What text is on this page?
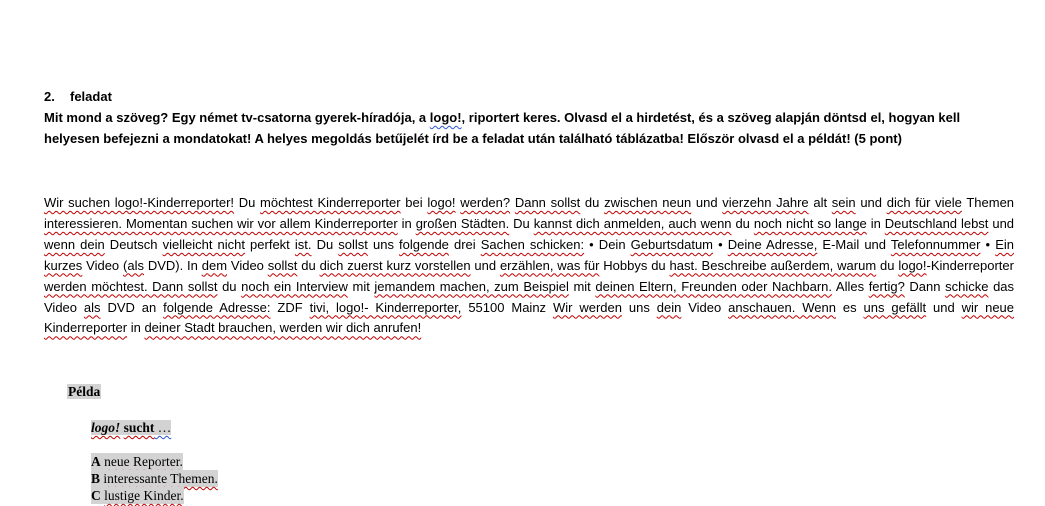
2. feladat

Mit mond a szöveg? Egy német tv-csatorna gyerek-híradója, a logo!, riportert keres. Olvasd el a hirdetést, és a szöveg alapján döntsd el, hogyan kell
helyesen befejezni a mondatokat! A helyes megoldás betűjelét írd be a feladat után található táblázatba! Először olvasd el a példát! (5 pont)

Wir suchen logo!-Kinderreporter! Du möchtest Kinderreporter bei logo! werden? Dann sollst du zwischen neun und vierzehn Jahre alt sein und dich für viele Themen interessieren. Momentan suchen wir vor allem Kinderreporter in großen Städten. Du kannst dich anmelden, auch wenn du noch nicht so lange in Deutschland lebst und wenn dein Deutsch vielleicht nicht perfekt ist. Du sollst uns folgende drei Sachen schicken: • Dein Geburtsdatum • Deine Adresse, E-Mail und Telefonnummer • Ein kurzes Video (als DVD). In dem Video sollst du dich zuerst kurz vorstellen und erzählen, was für Hobbys du hast. Beschreibe außerdem, warum du logo!-Kinderreporter werden möchtest. Dann sollst du noch ein Interview mit jemandem machen, zum Beispiel mit deinen Eltern, Freunden oder Nachbarn. Alles fertig? Dann schicke das Video als DVD an folgende Adresse: ZDF tivi, logo!- Kinderreporter, 55100 Mainz Wir werden uns dein Video anschauen. Wenn es uns gefällt und wir neue Kinderreporter in deiner Stadt brauchen, werden wir dich anrufen!
Példa
logo! sucht …
A neue Reporter.
B interessante Themen.
C lustige Kinder.
